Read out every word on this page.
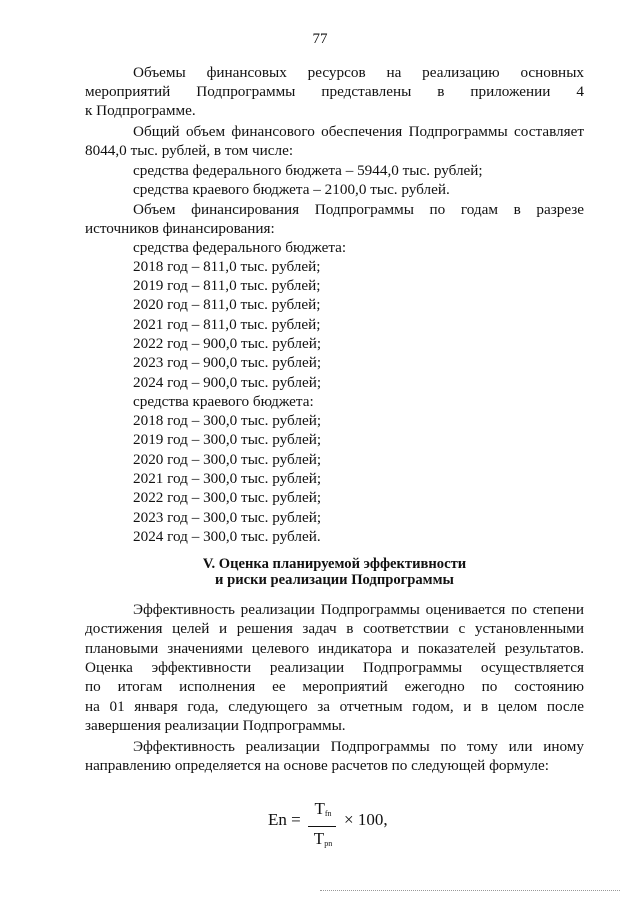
77
Объемы финансовых ресурсов на реализацию основных
мероприятий Подпрограммы представлены в приложении 4
к Подпрограмме.
Общий объем финансового обеспечения Подпрограммы составляет
8044,0 тыс. рублей, в том числе:
средства федерального бюджета – 5944,0 тыс. рублей;
средства краевого бюджета – 2100,0 тыс. рублей.
Объем финансирования Подпрограммы по годам в разрезе
источников финансирования:
средства федерального бюджета:
2018 год – 811,0 тыс. рублей;
2019 год – 811,0 тыс. рублей;
2020 год – 811,0 тыс. рублей;
2021 год – 811,0 тыс. рублей;
2022 год – 900,0 тыс. рублей;
2023 год – 900,0 тыс. рублей;
2024 год – 900,0 тыс. рублей;
средства краевого бюджета:
2018 год – 300,0 тыс. рублей;
2019 год – 300,0 тыс. рублей;
2020 год – 300,0 тыс. рублей;
2021 год – 300,0 тыс. рублей;
2022 год – 300,0 тыс. рублей;
2023 год – 300,0 тыс. рублей;
2024 год – 300,0 тыс. рублей.
V. Оценка планируемой эффективности
и риски реализации Подпрограммы
Эффективность реализации Подпрограммы оценивается по степени
достижения целей и решения задач в соответствии с установленными
плановыми значениями целевого индикатора и показателей результатов.
Оценка эффективности реализации Подпрограммы осуществляется
по итогам исполнения ее мероприятий ежегодно по состоянию
на 01 января года, следующего за отчетным годом, и в целом после
завершения реализации Подпрограммы.
Эффективность реализации Подпрограммы по тому или иному
направлению определяется на основе расчетов по следующей формуле:
En =
$T_{fn}$
$T_{pn}$
× 100,
